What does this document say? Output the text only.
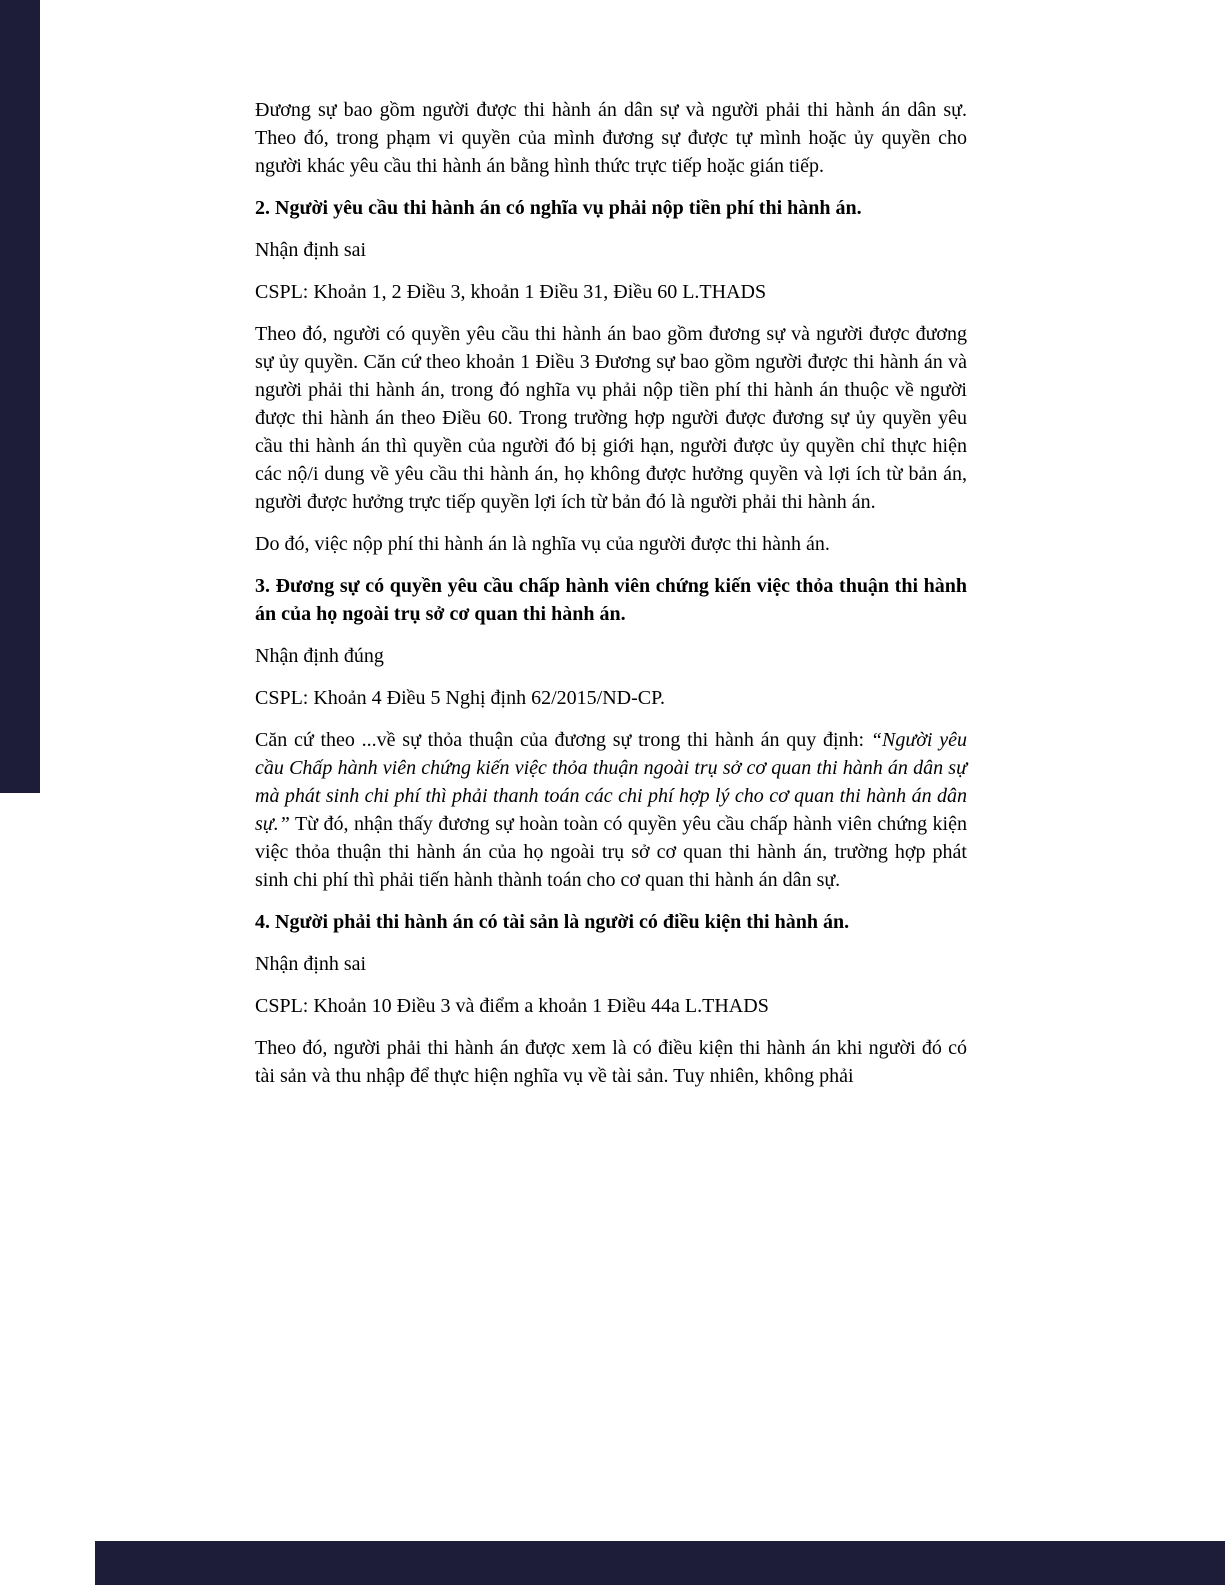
Đương sự bao gồm người được thi hành án dân sự và người phải thi hành án dân sự. Theo đó, trong phạm vi quyền của mình đương sự được tự mình hoặc ủy quyền cho người khác yêu cầu thi hành án bằng hình thức trực tiếp hoặc gián tiếp.

2. Người yêu cầu thi hành án có nghĩa vụ phải nộp tiền phí thi hành án.

Nhận định sai

CSPL: Khoản 1, 2 Điều 3, khoản 1 Điều 31, Điều 60 L.THADS

Theo đó, người có quyền yêu cầu thi hành án bao gồm đương sự và người được đương sự ủy quyền. Căn cứ theo khoản 1 Điều 3 Đương sự bao gồm người được thi hành án và người phải thi hành án, trong đó nghĩa vụ phải nộp tiền phí thi hành án thuộc về người được thi hành án theo Điều 60. Trong trường hợp người được đương sự ủy quyền yêu cầu thi hành án thì quyền của người đó bị giới hạn, người được ủy quyền chỉ thực hiện các nộ/i dung về yêu cầu thi hành án, họ không được hưởng quyền và lợi ích từ bản án, người được hưởng trực tiếp quyền lợi ích từ bản đó là người phải thi hành án.

Do đó, việc nộp phí thi hành án là nghĩa vụ của người được thi hành án.

3. Đương sự có quyền yêu cầu chấp hành viên chứng kiến việc thỏa thuận thi hành án của họ ngoài trụ sở cơ quan thi hành án.

Nhận định đúng

CSPL: Khoản 4 Điều 5 Nghị định 62/2015/ND-CP.

Căn cứ theo ...về sự thỏa thuận của đương sự trong thi hành án quy định: “Người yêu cầu Chấp hành viên chứng kiến việc thỏa thuận ngoài trụ sở cơ quan thi hành án dân sự mà phát sinh chi phí thì phải thanh toán các chi phí hợp lý cho cơ quan thi hành án dân sự.” Từ đó, nhận thấy đương sự hoàn toàn có quyền yêu cầu chấp hành viên chứng kiện việc thỏa thuận thi hành án của họ ngoài trụ sở cơ quan thi hành án, trường hợp phát sinh chi phí thì phải tiến hành thành toán cho cơ quan thi hành án dân sự.

4. Người phải thi hành án có tài sản là người có điều kiện thi hành án.

Nhận định sai

CSPL: Khoản 10 Điều 3 và điểm a khoản 1 Điều 44a L.THADS

Theo đó, người phải thi hành án được xem là có điều kiện thi hành án khi người đó có tài sản và thu nhập để thực hiện nghĩa vụ về tài sản. Tuy nhiên, không phải
